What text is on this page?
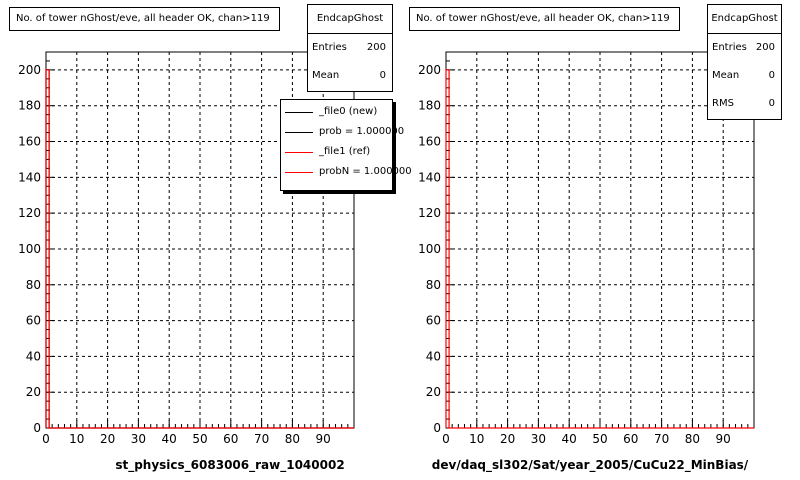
0 10 20 30 40 50 60 70 80 90
0
20
40
60
80
100
120
140
160
180
200
0 10 20 30 40 50 60 70 80 90
0
20
40
60
80
100
120
140
160
180
200
No. of tower nGhost/eve, all header OK, chan>119	EndcapGhost
Entries 200
Mean	0
_file0 (new)
prob = 1.000000
_file1 (ref)
probN = 1.000000
st_physics_6083006_raw_1040002
No. of tower nGhost/eve, all header OK, chan>119	EndcapGhost
Entries 200
Mean	0
RMS	0
dev/daq_sl302/Sat/year_2005/CuCu22_MinBias/
